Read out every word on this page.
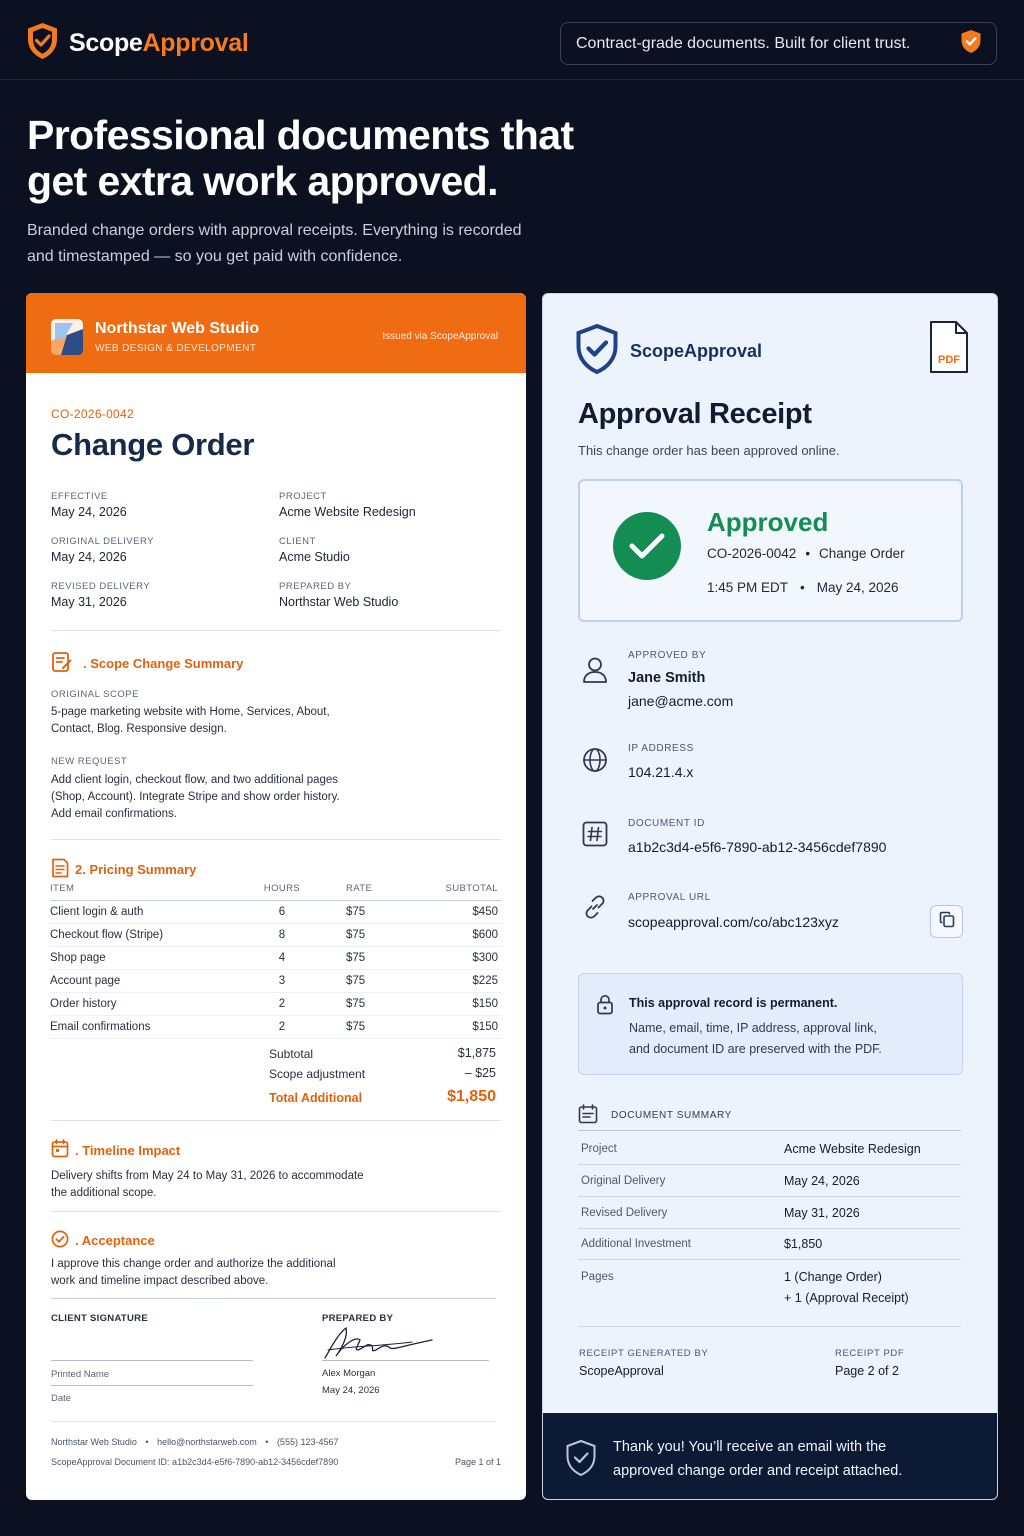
ScopeApproval	Contract-grade documents. Built for client trust.
Professional documents that
get extra work approved.
Branded change orders with approval receipts. Everything is recorded
and timestamped — so you get paid with confidence.
Northstar Web Studio
WEB DESIGN & DEVELOPMENT
Issued via ScopeApproval
CO-2026-0042
Change Order
EFFECTIVE
May 24, 2026
ORIGINAL DELIVERY
May 24, 2026
REVISED DELIVERY
May 31, 2026
PROJECT
Acme Website Redesign
CLIENT
Acme Studio
PREPARED BY
Northstar Web Studio
. Scope Change Summary
ORIGINAL SCOPE
5-page marketing website with Home, Services, About,
Contact, Blog. Responsive design.
NEW REQUEST
Add client login, checkout flow, and two additional pages
(Shop, Account). Integrate Stripe and show order history.
Add email confirmations.
2. Pricing Summary
ITEM	HOURS	RATE	SUBTOTAL
Client login & auth	6	$75	$450
Checkout flow (Stripe)	8	$75	$600
Shop page	4	$75	$300
Account page	3	$75	$225
Order history	2	$75	$150
Email confirmations	2	$75	$150
Subtotal	$1,875
Scope adjustment	– $25
Total Additional	$1,850
. Timeline Impact
Delivery shifts from May 24 to May 31, 2026 to accommodate
the additional scope.
. Acceptance
I approve this change order and authorize the additional
work and timeline impact described above.
CLIENT SIGNATURE
Printed Name
Date
PREPARED BY
Alex Morgan
May 24, 2026
Northstar Web Studio • hello@northstarweb.com • (555) 123-4567
ScopeApproval Document ID: a1b2c3d4-e5f6-7890-ab12-3456cdef7890	Page 1 of 1
ScopeApproval	PDF
Approval Receipt
This change order has been approved online.
Approved
CO-2026-0042 • Change Order
1:45 PM EDT • May 24, 2026
APPROVED BY
Jane Smith
jane@acme.com
IP ADDRESS
104.21.4.x
DOCUMENT ID
a1b2c3d4-e5f6-7890-ab12-3456cdef7890
APPROVAL URL
scopeapproval.com/co/abc123xyz
This approval record is permanent.
Name, email, time, IP address, approval link,
and document ID are preserved with the PDF.
DOCUMENT SUMMARY
Project	Acme Website Redesign
Original Delivery	May 24, 2026
Revised Delivery	May 31, 2026
Additional Investment	$1,850
Pages	1 (Change Order)
+ 1 (Approval Receipt)
RECEIPT GENERATED BY
ScopeApproval
RECEIPT PDF
Page 2 of 2
Thank you! You’ll receive an email with the
approved change order and receipt attached.
